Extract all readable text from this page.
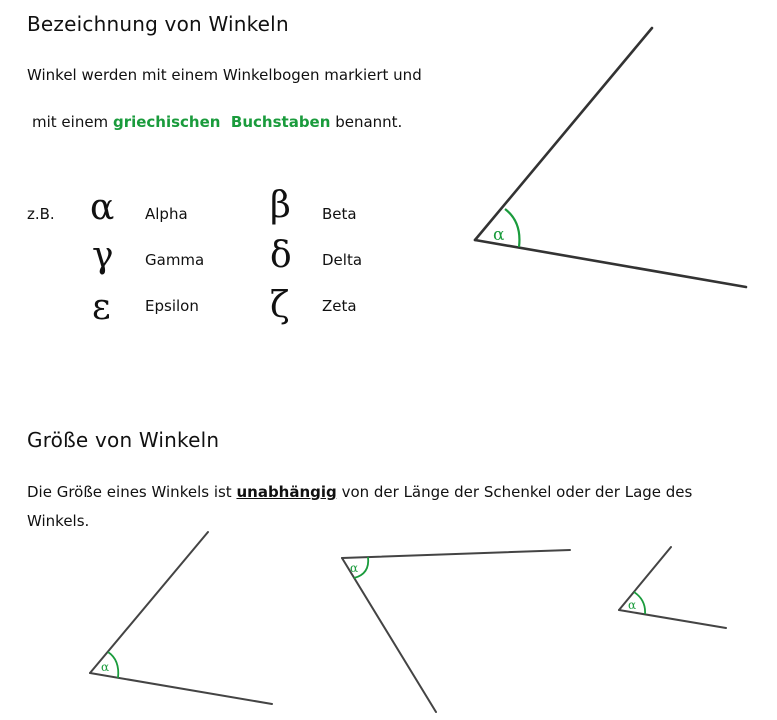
Bezeichnung von Winkeln
Winkel werden mit einem Winkelbogen markiert und
mit einem griechischen  Buchstaben benannt.
z.B. α Alpha β Beta
γ Gamma δ Delta
ε Epsilon ζ Zeta
Größe von Winkeln
Die Größe eines Winkels ist unabhängig von der Länge der Schenkel oder der Lage des
Winkels.
α
α
α
α
